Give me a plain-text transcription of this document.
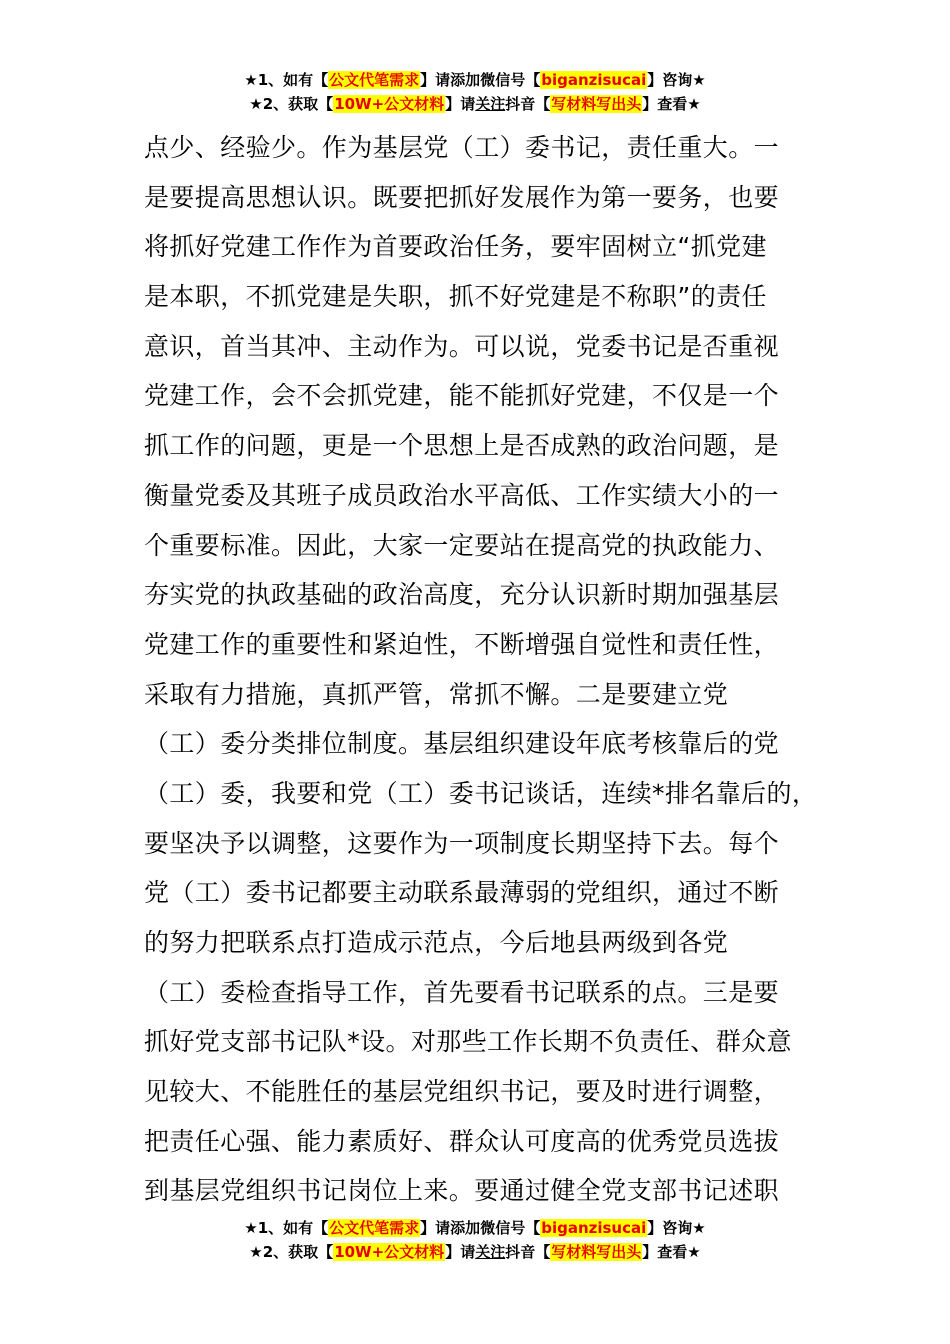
★1、如有【公文代笔需求】请添加微信号【biganzisucai】咨询★
★2、获取【10W+公文材料】请关注抖音【写材料写出头】查看★
点少、经验少。作为基层党（工）委书记，责任重大。一
是要提高思想认识。既要把抓好发展作为第一要务，也要
将抓好党建工作作为首要政治任务，要牢固树立“抓党建
是本职，不抓党建是失职，抓不好党建是不称职”的责任
意识，首当其冲、主动作为。可以说，党委书记是否重视
党建工作，会不会抓党建，能不能抓好党建，不仅是一个
抓工作的问题，更是一个思想上是否成熟的政治问题，是
衡量党委及其班子成员政治水平高低、工作实绩大小的一
个重要标准。因此，大家一定要站在提高党的执政能力、
夯实党的执政基础的政治高度，充分认识新时期加强基层
党建工作的重要性和紧迫性，不断增强自觉性和责任性，
采取有力措施，真抓严管，常抓不懈。二是要建立党
（工）委分类排位制度。基层组织建设年底考核靠后的党
（工）委，我要和党（工）委书记谈话，连续*排名靠后的，
要坚决予以调整，这要作为一项制度长期坚持下去。每个
党（工）委书记都要主动联系最薄弱的党组织，通过不断
的努力把联系点打造成示范点，今后地县两级到各党
（工）委检查指导工作，首先要看书记联系的点。三是要
抓好党支部书记队*设。对那些工作长期不负责任、群众意
见较大、不能胜任的基层党组织书记，要及时进行调整，
把责任心强、能力素质好、群众认可度高的优秀党员选拔
到基层党组织书记岗位上来。要通过健全党支部书记述职
★1、如有【公文代笔需求】请添加微信号【biganzisucai】咨询★
★2、获取【10W+公文材料】请关注抖音【写材料写出头】查看★
